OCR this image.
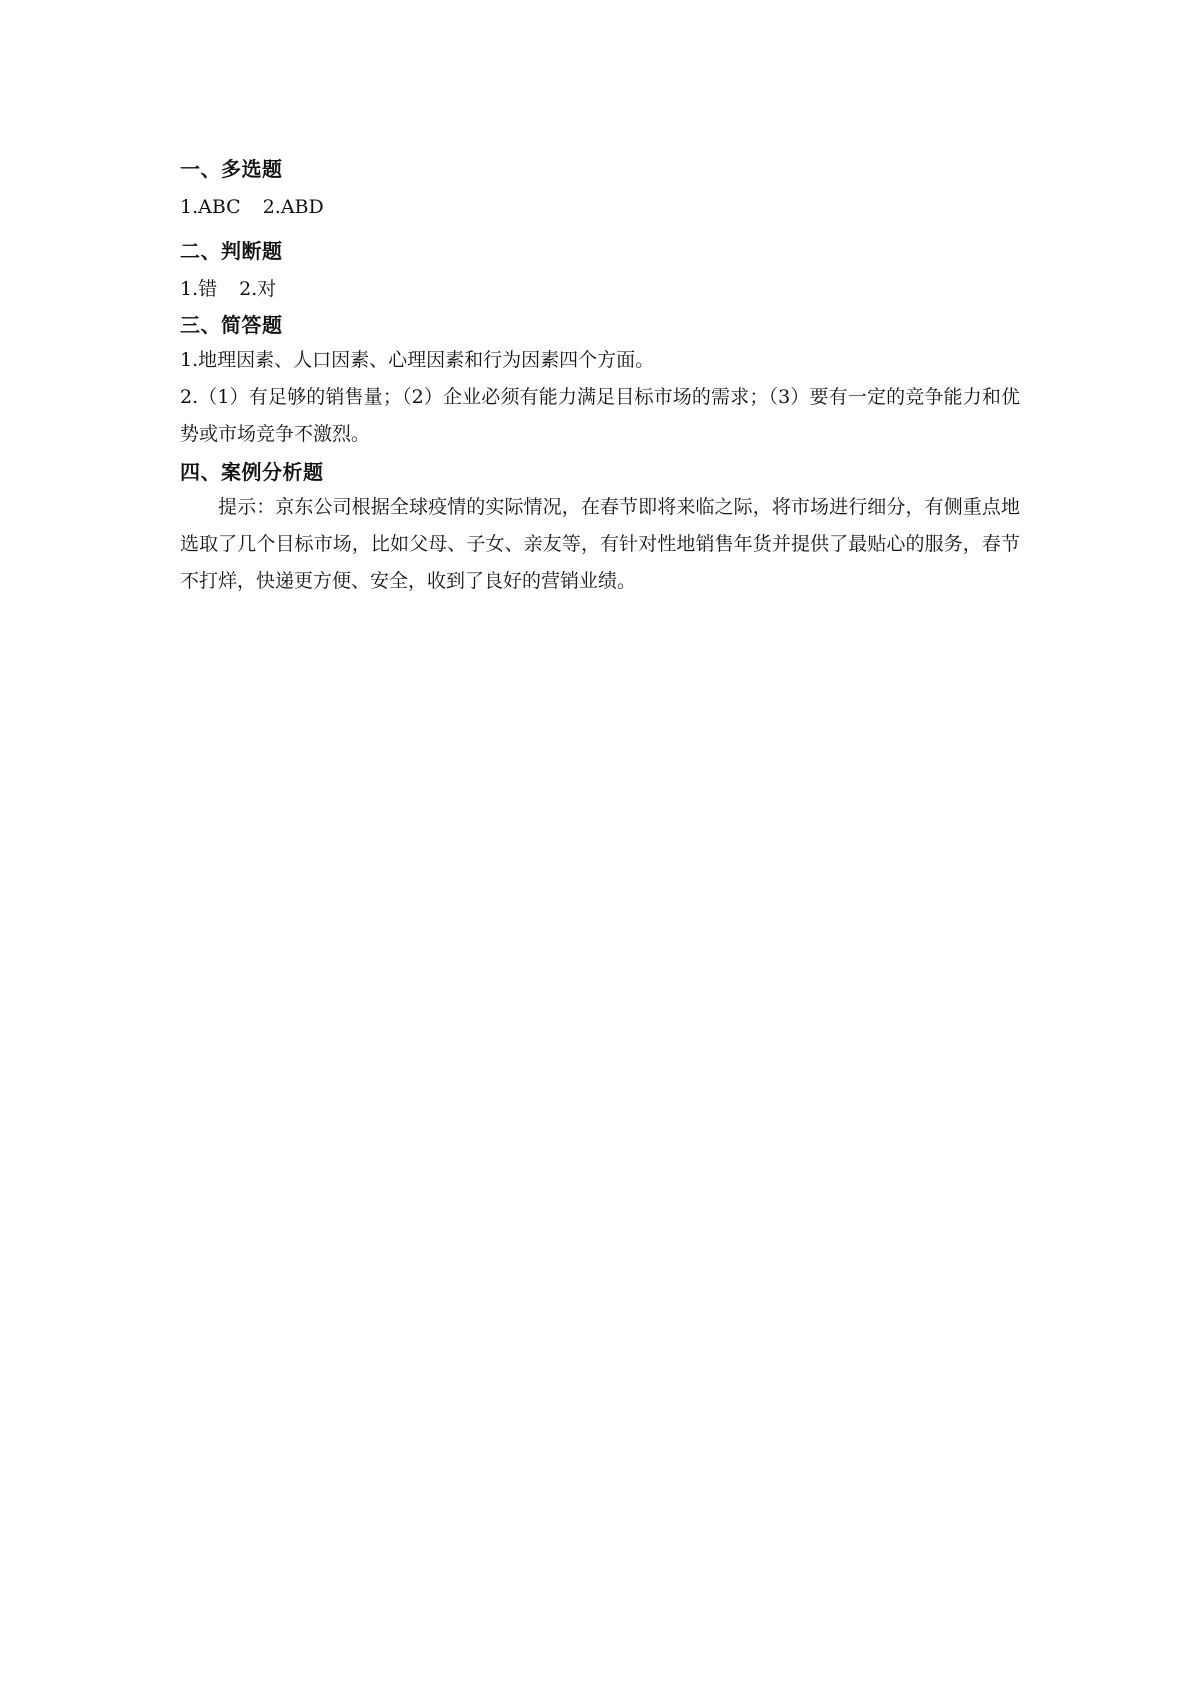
一、多选题

1.ABC 2.ABD

二、判断题

1.错 2.对

三、简答题

1.地理因素、人口因素、心理因素和行为因素四个方面。

2.（1）有足够的销售量；（2）企业必须有能力满足目标市场的需求；（3）要有一定的竞争能力和优势或市场竞争不激烈。

四、案例分析题

提示：京东公司根据全球疫情的实际情况，在春节即将来临之际，将市场进行细分，有侧重点地选取了几个目标市场，比如父母、子女、亲友等，有针对性地销售年货并提供了最贴心的服务，春节不打烊，快递更方便、安全，收到了良好的营销业绩。
